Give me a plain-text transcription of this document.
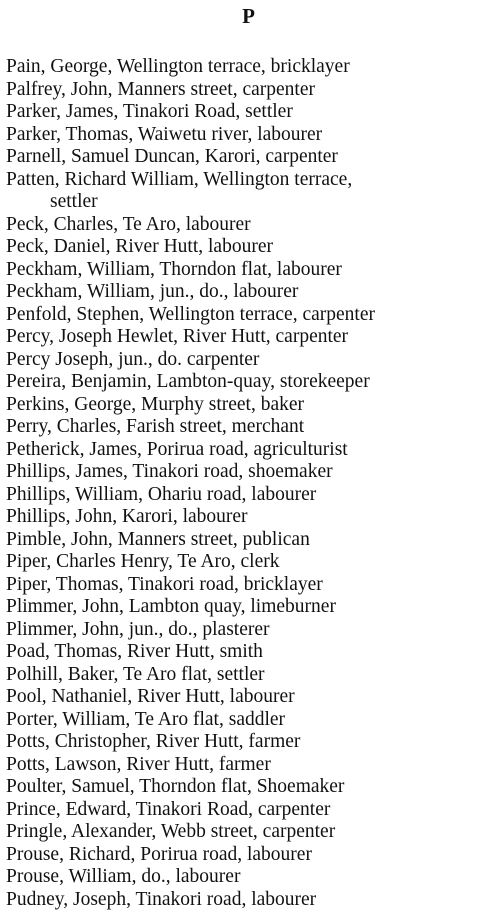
P
Pain, George, Wellington terrace, bricklayer
Palfrey, John, Manners street, carpenter
Parker, James, Tinakori Road, settler
Parker, Thomas, Waiwetu river, labourer
Parnell, Samuel Duncan, Karori, carpenter
Patten, Richard William, Wellington terrace,
settler
Peck, Charles, Te Aro, labourer
Peck, Daniel, River Hutt, labourer
Peckham, William, Thorndon flat, labourer
Peckham, William, jun., do., labourer
Penfold, Stephen, Wellington terrace, carpenter
Percy, Joseph Hewlet, River Hutt, carpenter
Percy Joseph, jun., do. carpenter
Pereira, Benjamin, Lambton-quay, storekeeper
Perkins, George, Murphy street, baker
Perry, Charles, Farish street, merchant
Petherick, James, Porirua road, agriculturist
Phillips, James, Tinakori road, shoemaker
Phillips, William, Ohariu road, labourer
Phillips, John, Karori, labourer
Pimble, John, Manners street, publican
Piper, Charles Henry, Te Aro, clerk
Piper, Thomas, Tinakori road, bricklayer
Plimmer, John, Lambton quay, limeburner
Plimmer, John, jun., do., plasterer
Poad, Thomas, River Hutt, smith
Polhill, Baker, Te Aro flat, settler
Pool, Nathaniel, River Hutt, labourer
Porter, William, Te Aro flat, saddler
Potts, Christopher, River Hutt, farmer
Potts, Lawson, River Hutt, farmer
Poulter, Samuel, Thorndon flat, Shoemaker
Prince, Edward, Tinakori Road, carpenter
Pringle, Alexander, Webb street, carpenter
Prouse, Richard, Porirua road, labourer
Prouse, William, do., labourer
Pudney, Joseph, Tinakori road, labourer
